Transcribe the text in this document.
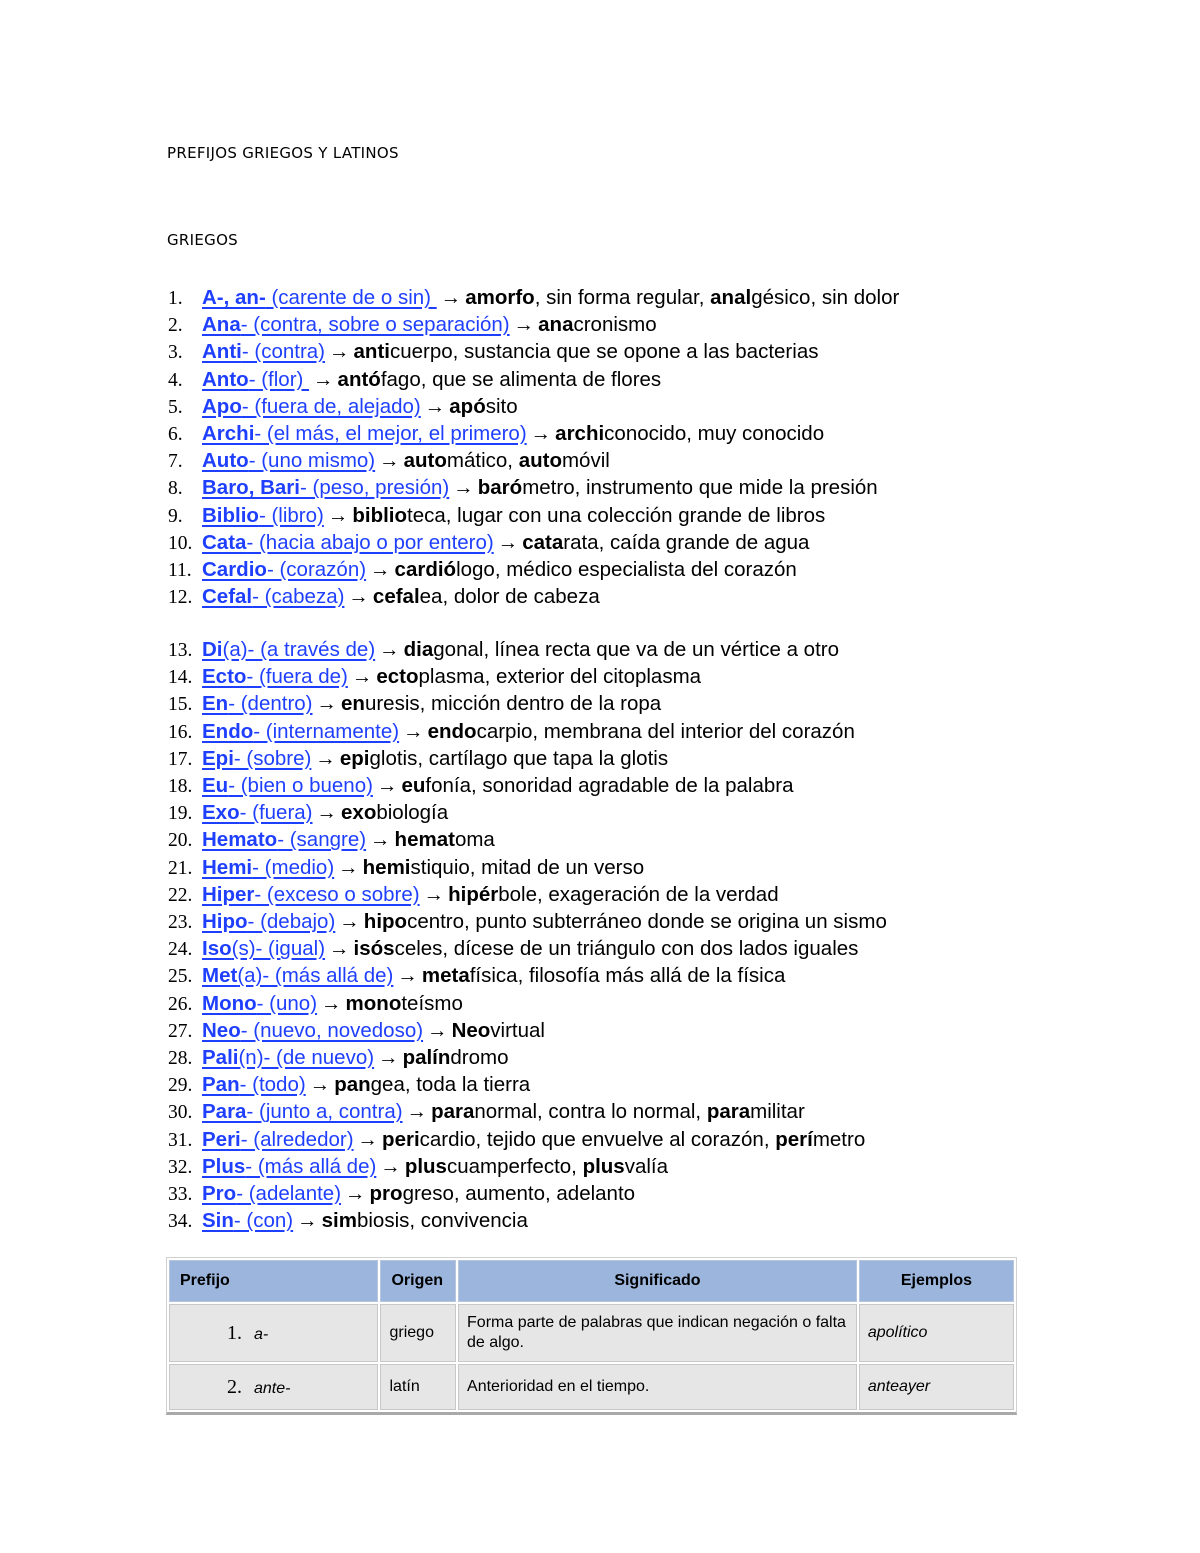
PREFIJOS GRIEGOS Y LATINOS
GRIEGOS
1. A-, an- (carente de o sin) → amorfo, sin forma regular, analgésico, sin dolor
2. Ana- (contra, sobre o separación) → anacronismo
3. Anti- (contra) → anticuerpo, sustancia que se opone a las bacterias
4. Anto- (flor) → antófago, que se alimenta de flores
5. Apo- (fuera de, alejado) → apósito
6. Archi- (el más, el mejor, el primero) → archiconocido, muy conocido
7. Auto- (uno mismo) → automático, automóvil
8. Baro, Bari- (peso, presión) → barómetro, instrumento que mide la presión
9. Biblio- (libro) → biblioteca, lugar con una colección grande de libros
10. Cata- (hacia abajo o por entero) → catarata, caída grande de agua
11. Cardio- (corazón) → cardiólogo, médico especialista del corazón
12. Cefal- (cabeza) → cefalea, dolor de cabeza
13. Di(a)- (a través de) → diagonal, línea recta que va de un vértice a otro
14. Ecto- (fuera de) → ectoplasma, exterior del citoplasma
15. En- (dentro) → enuresis, micción dentro de la ropa
16. Endo- (internamente) → endocarpio, membrana del interior del corazón
17. Epi- (sobre) → epiglotis, cartílago que tapa la glotis
18. Eu- (bien o bueno) → eufonía, sonoridad agradable de la palabra
19. Exo- (fuera) → exobiología
20. Hemato- (sangre) → hematoma
21. Hemi- (medio) → hemistiquio, mitad de un verso
22. Hiper- (exceso o sobre) → hipérbole, exageración de la verdad
23. Hipo- (debajo) → hipocentro, punto subterráneo donde se origina un sismo
24. Iso(s)- (igual) → isósceles, dícese de un triángulo con dos lados iguales
25. Met(a)- (más allá de) → metafísica, filosofía más allá de la física
26. Mono- (uno) → monoteísmo
27. Neo- (nuevo, novedoso) → Neovirtual
28. Pali(n)- (de nuevo) → palíndromo
29. Pan- (todo) → pangea, toda la tierra
30. Para- (junto a, contra) → paranormal, contra lo normal, paramilitar
31. Peri- (alrededor) → pericardio, tejido que envuelve al corazón, perímetro
32. Plus- (más allá de) → pluscuamperfecto, plusvalía
33. Pro- (adelante) → progreso, aumento, adelanto
34. Sin- (con) → simbiosis, convivencia
Prefijo	Origen	Significado	Ejemplos
1. a-	griego	Forma parte de palabras que indican negación o falta de algo.	apolítico
2. ante-	latín	Anterioridad en el tiempo.	anteayer
